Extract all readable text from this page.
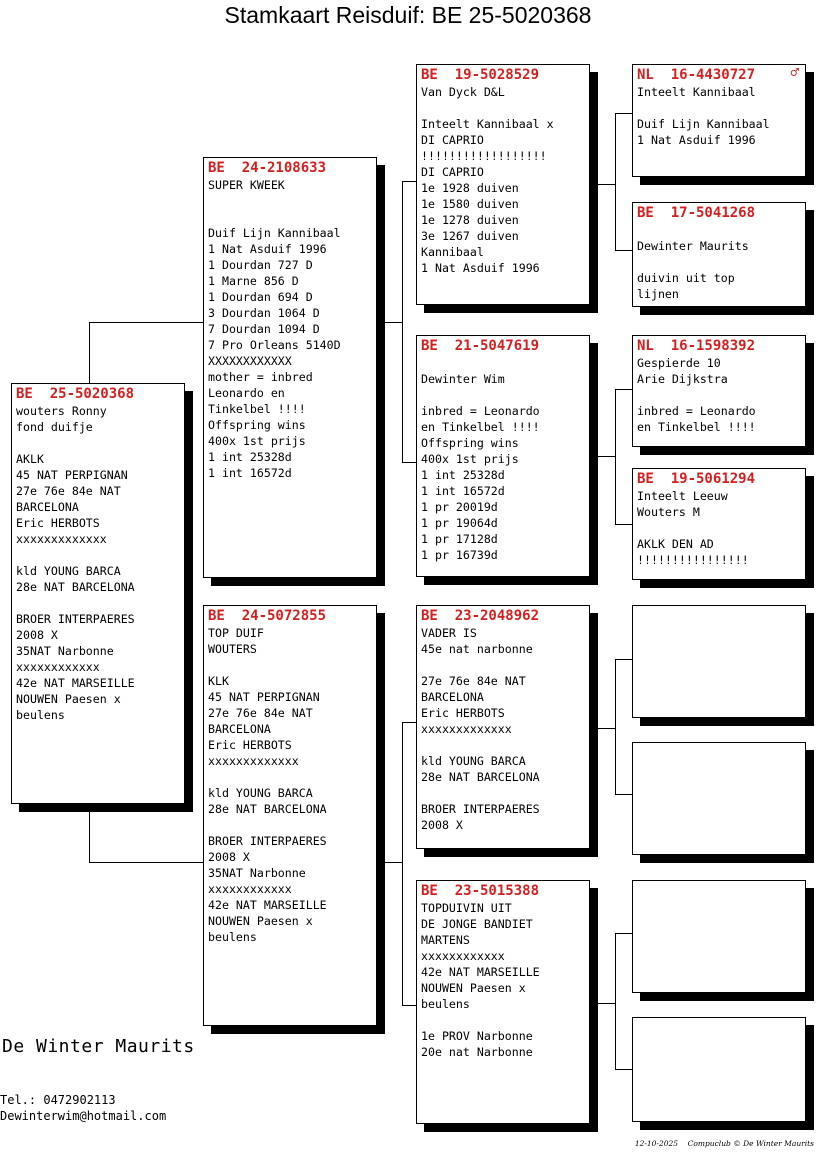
Stamkaart Reisduif: BE 25-5020368
BE  25-5020368
wouters Ronny
fond duifje

AKLK
45 NAT PERPIGNAN
27e 76e 84e NAT
BARCELONA
Eric HERBOTS
xxxxxxxxxxxxx

kld YOUNG BARCA
28e NAT BARCELONA

BROER INTERPAERES
2008 X
35NAT Narbonne
xxxxxxxxxxxx
42e NAT MARSEILLE
NOUWEN Paesen x
beulens
BE  24-2108633
SUPER KWEEK

Duif Lijn Kannibaal
1 Nat Asduif 1996
1 Dourdan 727 D
1 Marne 856 D
1 Dourdan 694 D
3 Dourdan 1064 D
7 Dourdan 1094 D
7 Pro Orleans 5140D
XXXXXXXXXXXX
mother = inbred
Leonardo en
Tinkelbel !!!!
Offspring wins
400x 1st prijs
1 int 25328d
1 int 16572d
BE  24-5072855
TOP DUIF
WOUTERS

KLK
45 NAT PERPIGNAN
27e 76e 84e NAT
BARCELONA
Eric HERBOTS
xxxxxxxxxxxxx

kld YOUNG BARCA
28e NAT BARCELONA

BROER INTERPAERES
2008 X
35NAT Narbonne
xxxxxxxxxxxx
42e NAT MARSEILLE
NOUWEN Paesen x
beulens
BE  19-5028529
Van Dyck D&L

Inteelt Kannibaal x
DI CAPRIO
!!!!!!!!!!!!!!!!!!
DI CAPRIO
1e 1928 duiven
1e 1580 duiven
1e 1278 duiven
3e 1267 duiven
Kannibaal
1 Nat Asduif 1996
BE  21-5047619

Dewinter Wim

inbred = Leonardo
en Tinkelbel !!!!
Offspring wins
400x 1st prijs
1 int 25328d
1 int 16572d
1 pr 20019d
1 pr 19064d
1 pr 17128d
1 pr 16739d
BE  23-2048962
VADER IS
45e nat narbonne

27e 76e 84e NAT
BARCELONA
Eric HERBOTS
xxxxxxxxxxxxx

kld YOUNG BARCA
28e NAT BARCELONA

BROER INTERPAERES
2008 X
BE  23-5015388
TOPDUIVIN UIT
DE JONGE BANDIET
MARTENS
xxxxxxxxxxxx
42e NAT MARSEILLE
NOUWEN Paesen x
beulens

1e PROV Narbonne
20e nat Narbonne
NL  16-4430727	♂
Inteelt Kannibaal

Duif Lijn Kannibaal
1 Nat Asduif 1996
BE  17-5041268

Dewinter Maurits

duivin uit top
lijnen
NL  16-1598392
Gespierde 10
Arie Dijkstra

inbred = Leonardo
en Tinkelbel !!!!
BE  19-5061294
Inteelt Leeuw
Wouters M

AKLK DEN AD
!!!!!!!!!!!!!!!!
De Winter Maurits
Tel.: 0472902113
Dewinterwim@hotmail.com
12-10-2025    Compuclub © De Winter Maurits
